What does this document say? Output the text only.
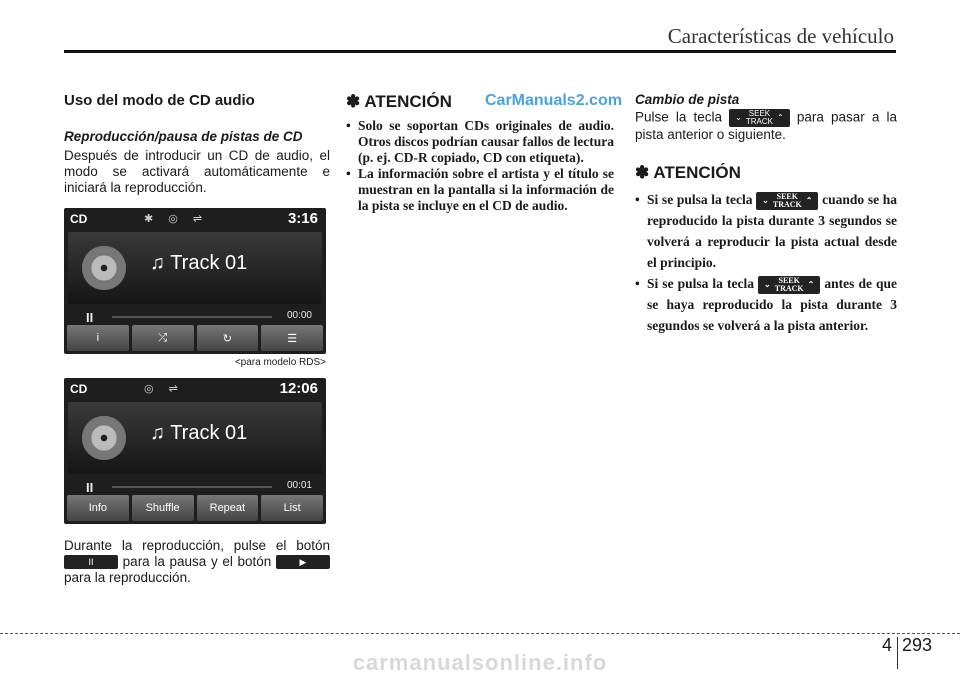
Características de vehículo
CarManuals2.com
Uso del modo de CD audio
Reproducción/pausa de pistas de CD

Después de introducir un CD de audio, el modo se activará automáticamente e iniciará la reproducción.

CD	✱ ◎ ⇌	3:16
♫ Track 01
II	00:00
i	⤮	↻	☰
<para modelo RDS>
CD	◎ ⇌	12:06
♫ Track 01
II	00:01
Info	Shuffle	Repeat	List

Durante la reproducción, pulse el botón II para la pausa y el botón	▶ para la reproducción.

✽ ATENCIÓN
• Solo se soportan CDs originales de audio. Otros discos podrían causar fallos de lectura (p. ej. CD-R copiado, CD con etiqueta).
• La información sobre el artista y el título se muestran en la pantalla si la información de la pista se incluye en el CD de audio.
Cambio de pista

Pulse la tecla ⌄ SEEK
TRACK ⌃ para pasar a la pista anterior o siguiente.

✽ ATENCIÓN
• Si se pulsa la tecla ⌄ SEEK
TRACK ⌃ cuando se ha reproducido la pista durante 3 segundos se volverá a reproducir la pista actual desde el principio.
• Si se pulsa la tecla ⌄ SEEK
TRACK ⌃ antes de que se haya reproducido la pista durante 3 segundos se volverá a la pista anterior.
4 293
carmanualsonline.info
